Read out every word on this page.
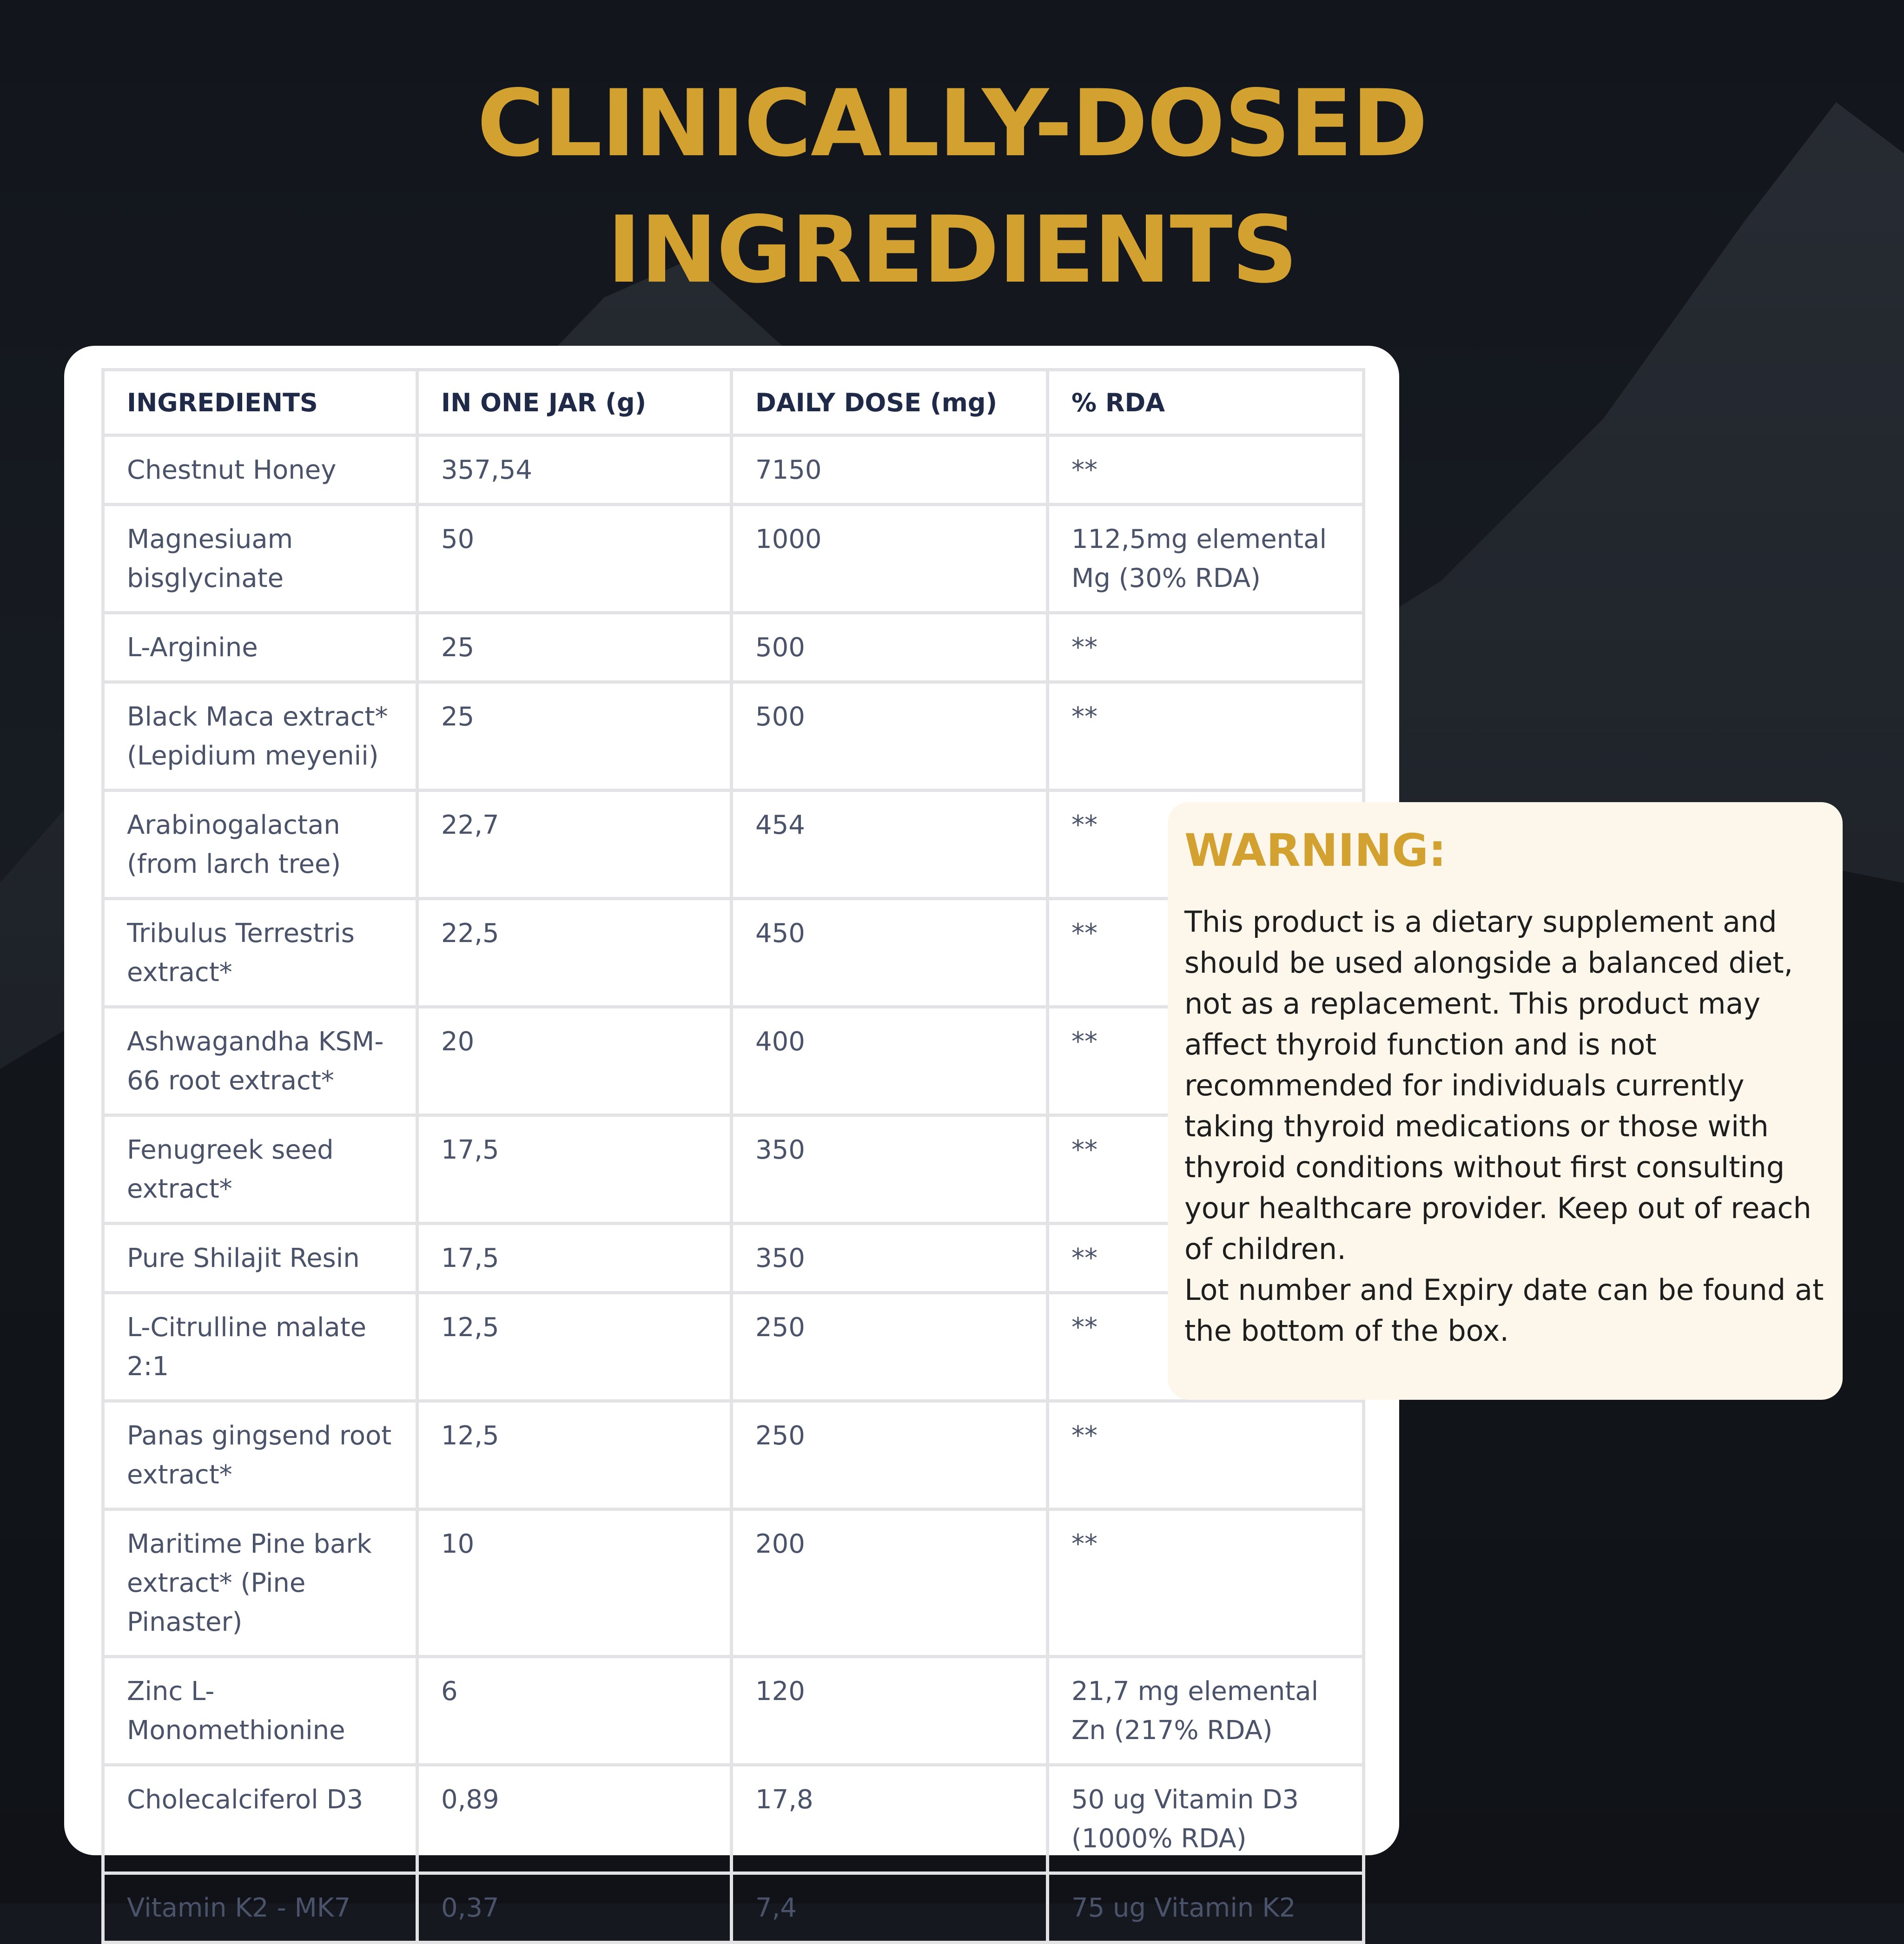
CLINICALLY-DOSED
INGREDIENTS
INGREDIENTS	IN ONE JAR (g)	DAILY DOSE (mg)	% RDA
Chestnut Honey	357,54	7150	**
Magnesiuam bisglycinate	50	1000	112,5mg elemental Mg (30% RDA)
L-Arginine	25	500	**
Black Maca extract* (Lepidium meyenii)	25	500	**
Arabinogalactan (from larch tree)	22,7	454	**
Tribulus Terrestris extract*	22,5	450	**
Ashwagandha KSM-66 root extract*	20	400	**
Fenugreek seed extract*	17,5	350	**
Pure Shilajit Resin	17,5	350	**
L-Citrulline malate 2:1	12,5	250	**
Panas gingsend root extract*	12,5	250	**
Maritime Pine bark extract* (Pine Pinaster)	10	200	**
Zinc L-Monomethionine	6	120	21,7 mg elemental Zn (217% RDA)
Cholecalciferol D3	0,89	17,8	50 ug Vitamin D3 (1000% RDA)
Vitamin K2 - MK7	0,37	7,4	75 ug Vitamin K2
WARNING:

This product is a dietary supplement and should be used alongside a balanced diet, not as a replacement. This product may affect thyroid function and is not recommended for individuals currently taking thyroid medications or those with thyroid conditions without first consulting your healthcare provider. Keep out of reach of children.

Lot number and Expiry date can be found at the bottom of the box.
